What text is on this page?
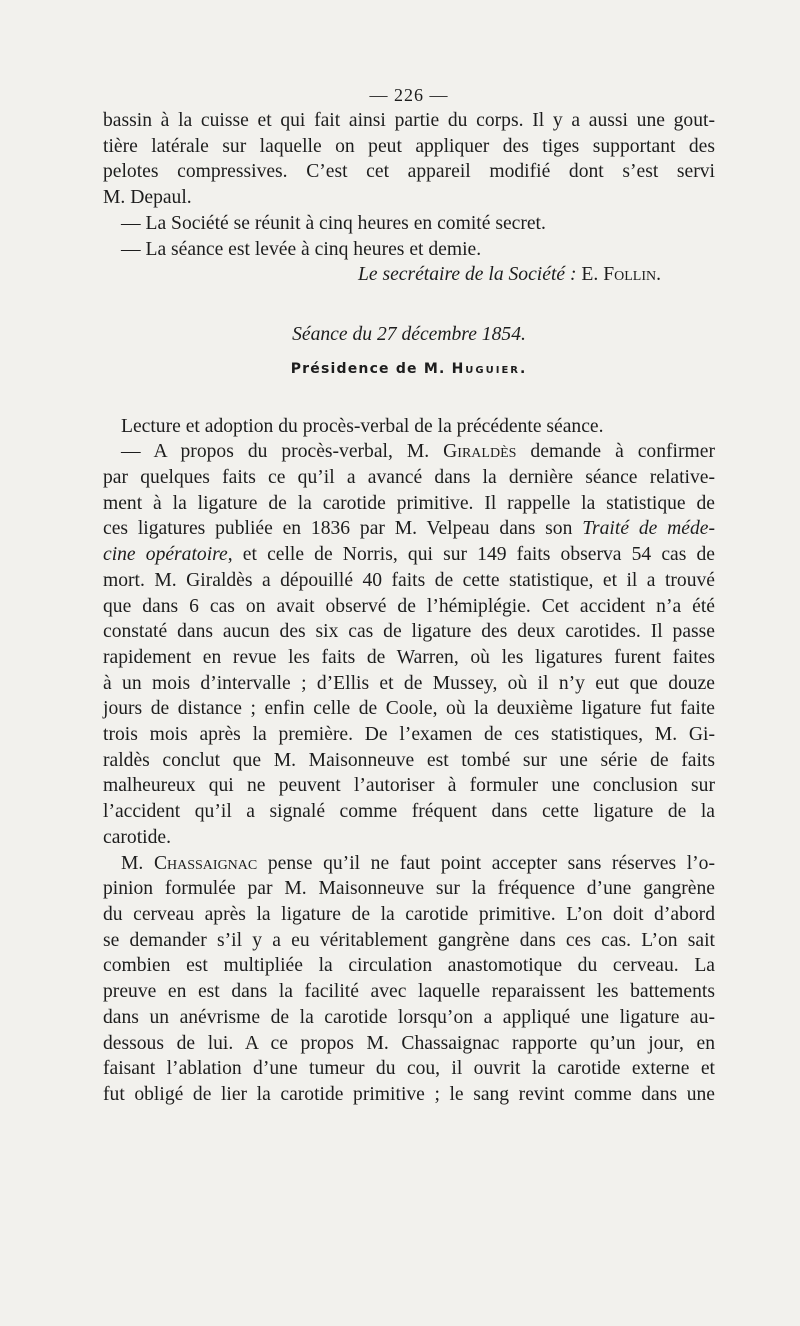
— 226 —
bassin à la cuisse et qui fait ainsi partie du corps. Il y a aussi une gout-
tière latérale sur laquelle on peut appliquer des tiges supportant des
pelotes compressives. C’est cet appareil modifié dont s’est servi
M. Depaul.
— La Société se réunit à cinq heures en comité secret.
— La séance est levée à cinq heures et demie.
Le secrétaire de la Société : E. Follin.
Séance du 27 décembre 1854.
Présidence de M. Huguier.
Lecture et adoption du procès-verbal de la précédente séance.
— A propos du procès-verbal, M. Giraldès demande à confirmer
par quelques faits ce qu’il a avancé dans la dernière séance relative-
ment à la ligature de la carotide primitive. Il rappelle la statistique de
ces ligatures publiée en 1836 par M. Velpeau dans son Traité de méde-
cine opératoire, et celle de Norris, qui sur 149 faits observa 54 cas de
mort. M. Giraldès a dépouillé 40 faits de cette statistique, et il a trouvé
que dans 6 cas on avait observé de l’hémiplégie. Cet accident n’a été
constaté dans aucun des six cas de ligature des deux carotides. Il passe
rapidement en revue les faits de Warren, où les ligatures furent faites
à un mois d’intervalle ; d’Ellis et de Mussey, où il n’y eut que douze
jours de distance ; enfin celle de Coole, où la deuxième ligature fut faite
trois mois après la première. De l’examen de ces statistiques, M. Gi-
raldès conclut que M. Maisonneuve est tombé sur une série de faits
malheureux qui ne peuvent l’autoriser à formuler une conclusion sur
l’accident qu’il a signalé comme fréquent dans cette ligature de la
carotide.
M. Chassaignac pense qu’il ne faut point accepter sans réserves l’o-
pinion formulée par M. Maisonneuve sur la fréquence d’une gangrène
du cerveau après la ligature de la carotide primitive. L’on doit d’abord
se demander s’il y a eu véritablement gangrène dans ces cas. L’on sait
combien est multipliée la circulation anastomotique du cerveau. La
preuve en est dans la facilité avec laquelle reparaissent les battements
dans un anévrisme de la carotide lorsqu’on a appliqué une ligature au-
dessous de lui. A ce propos M. Chassaignac rapporte qu’un jour, en
faisant l’ablation d’une tumeur du cou, il ouvrit la carotide externe et
fut obligé de lier la carotide primitive ; le sang revint comme dans une
